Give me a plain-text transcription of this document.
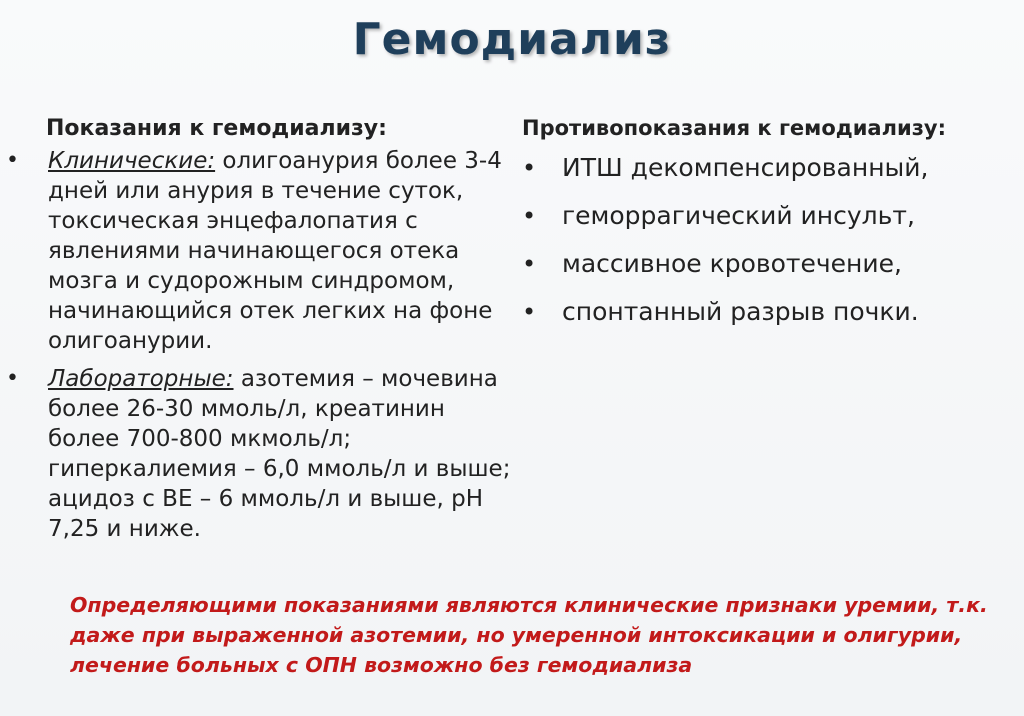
Гемодиализ
Показания к гемодиализу:	Противопоказания к гемодиализу:
• Клинические: олигоанурия более 3-4 дней или анурия в течение суток, токсическая энцефалопатия с явлениями начинающегося отека мозга и судорожным синдромом, начинающийся отек легких на фоне олигоанурии.
• Лабораторные: азотемия – мочевина более 26-30 ммоль/л, креатинин более 700-800 мкмоль/л; гиперкалиемия – 6,0 ммоль/л и выше; ацидоз с BE – 6 ммоль/л и выше, pH 7,25 и ниже.
• ИТШ декомпенсированный,
• геморрагический инсульт,
• массивное кровотечение,
• спонтанный разрыв почки.
Определяющими показаниями являются клинические признаки уремии, т.к. даже при выраженной азотемии, но умеренной интоксикации и олигурии, лечение больных с ОПН возможно без гемодиализа
